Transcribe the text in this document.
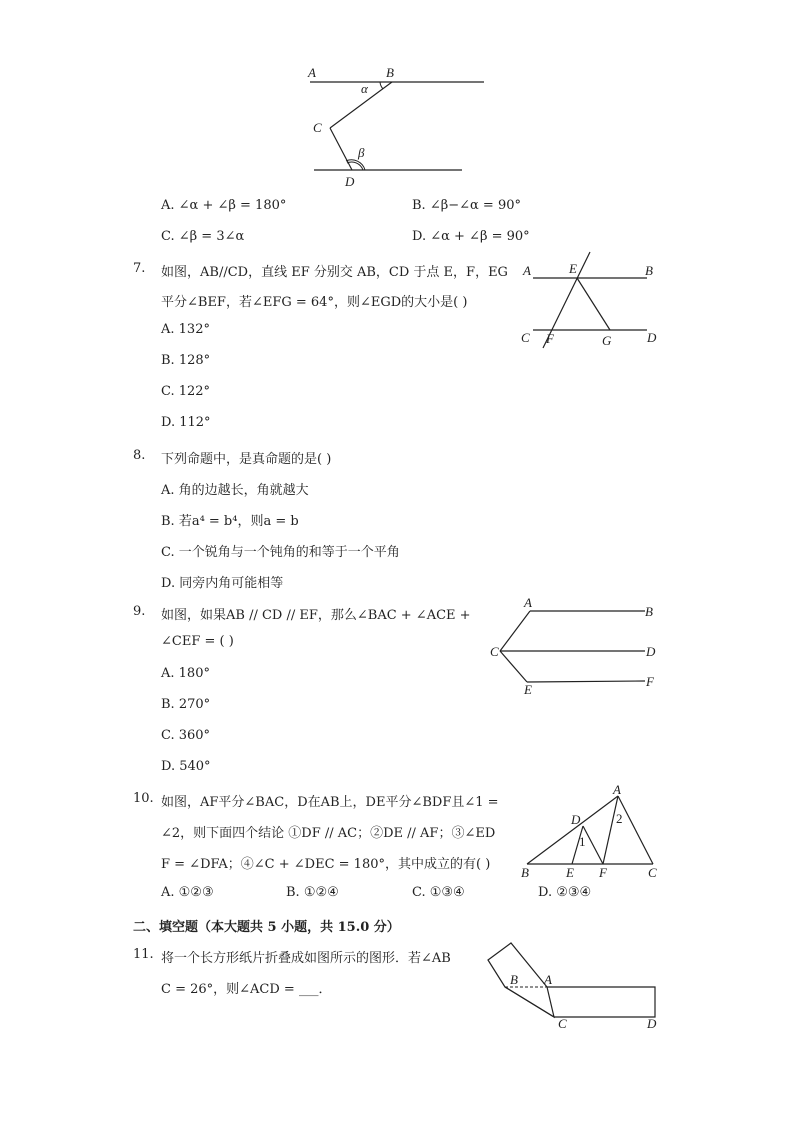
A	B
α
C
β
D
A. ∠α + ∠β = 180°	B. ∠β−∠α = 90°
C. ∠β = 3∠α	D. ∠α + ∠β = 90°
7. 如图，AB//CD，直线 EF 分别交 AB，CD 于点 E，F，EG
平分∠BEF，若∠EFG = 64°，则∠EGD的大小是( )
A. 132°
B. 128°
C. 122°
D. 112°
A	E	B
C F	G	D
8. 下列命题中，是真命题的是( )
A. 角的边越长，角就越大
B. 若a⁴ = b⁴，则a = b
C. 一个锐角与一个钝角的和等于一个平角
D. 同旁内角可能相等
9. 如图，如果AB // CD // EF，那么∠BAC + ∠ACE +
∠CEF = ( )
A. 180°
B. 270°
C. 360°
D. 540°
A
B
C	D
E
F
10. 如图，AF平分∠BAC，D在AB上，DE平分∠BDF且∠1 =
∠2，则下面四个结论 ①DF // AC；②DE // AF；③∠ED
F = ∠DFA；④∠C + ∠DEC = 180°，其中成立的有( )
A. ①②③	B. ①②④	C. ①③④	D. ②③④
A
D	2
1
B	E F	C
二、填空题（本大题共 5 小题，共 15.0 分）
11. 将一个长方形纸片折叠成如图所示的图形．若∠AB
C = 26°，则∠ACD = ___．
B A
C	D
